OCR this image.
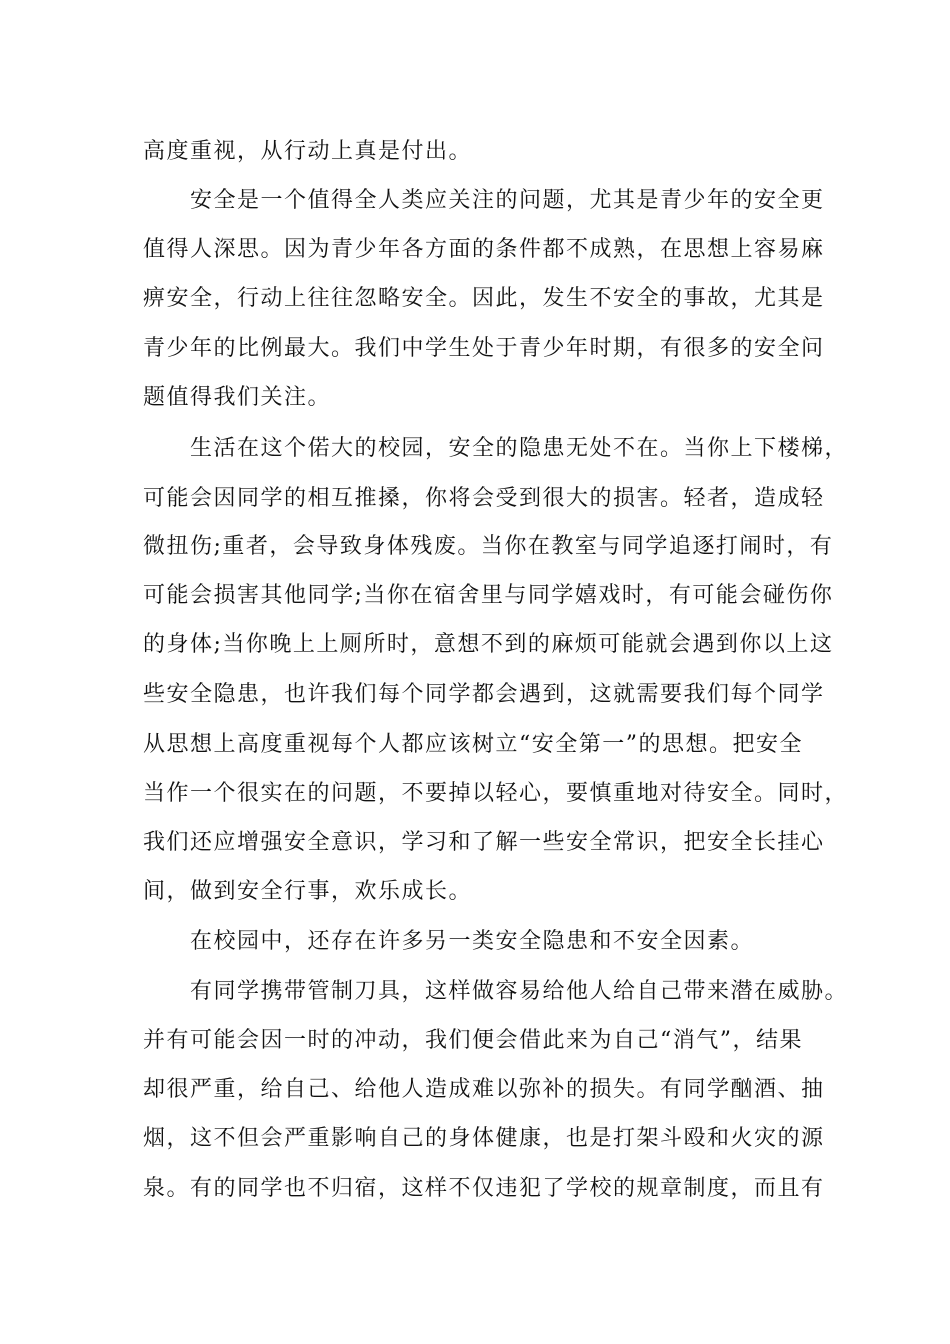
高度重视，从行动上真是付出。
安全是一个值得全人类应关注的问题，尤其是青少年的安全更
值得人深思。因为青少年各方面的条件都不成熟，在思想上容易麻
痹安全，行动上往往忽略安全。因此，发生不安全的事故，尤其是
青少年的比例最大。我们中学生处于青少年时期，有很多的安全问
题值得我们关注。
生活在这个偌大的校园，安全的隐患无处不在。当你上下楼梯，
可能会因同学的相互推搡，你将会受到很大的损害。轻者，造成轻
微扭伤;重者，会导致身体残废。当你在教室与同学追逐打闹时，有
可能会损害其他同学;当你在宿舍里与同学嬉戏时，有可能会碰伤你
的身体;当你晚上上厕所时，意想不到的麻烦可能就会遇到你以上这
些安全隐患，也许我们每个同学都会遇到，这就需要我们每个同学
从思想上高度重视每个人都应该树立“安全第一”的思想。把安全
当作一个很实在的问题，不要掉以轻心，要慎重地对待安全。同时，
我们还应增强安全意识，学习和了解一些安全常识，把安全长挂心
间，做到安全行事，欢乐成长。
在校园中，还存在许多另一类安全隐患和不安全因素。
有同学携带管制刀具，这样做容易给他人给自己带来潜在威胁。
并有可能会因一时的冲动，我们便会借此来为自己“消气”，结果
却很严重，给自己、给他人造成难以弥补的损失。有同学酗酒、抽
烟，这不但会严重影响自己的身体健康，也是打架斗殴和火灾的源
泉。有的同学也不归宿，这样不仅违犯了学校的规章制度，而且有
